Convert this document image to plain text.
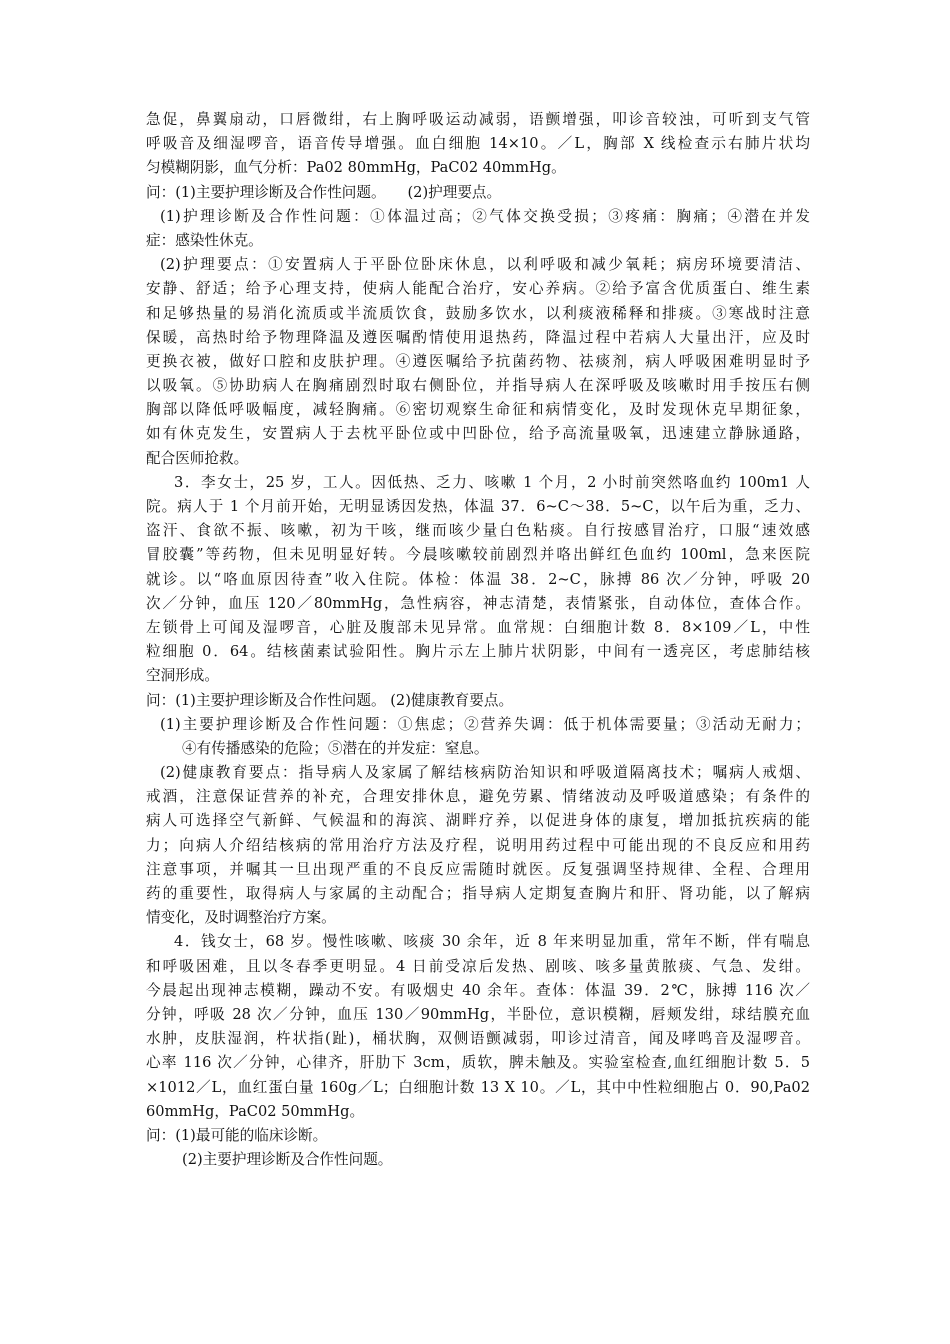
急促，鼻翼扇动，口唇微绀，右上胸呼吸运动减弱，语颤增强，叩诊音较浊，可听到支气管
呼吸音及细湿啰音，语音传导增强。血白细胞 14×10。／L，胸部 X 线检查示右肺片状均
匀模糊阴影，血气分析：Pa02 80mmHg，PaC02 40mmHg。
问：(1)主要护理诊断及合作性问题。　　(2)护理要点。
(1)护理诊断及合作性问题：①体温过高；②气体交换受损；③疼痛：胸痛；④潜在并发
症：感染性休克。
(2)护理要点：①安置病人于平卧位卧床休息，以利呼吸和减少氧耗；病房环境要清洁、
安静、舒适；给予心理支持，使病人能配合治疗，安心养病。②给予富含优质蛋白、维生素
和足够热量的易消化流质或半流质饮食，鼓励多饮水，以利痰液稀释和排痰。③寒战时注意
保暖，高热时给予物理降温及遵医嘱酌情使用退热药，降温过程中若病人大量出汗，应及时
更换衣被，做好口腔和皮肤护理。④遵医嘱给予抗菌药物、祛痰剂，病人呼吸困难明显时予
以吸氧。⑤协助病人在胸痛剧烈时取右侧卧位，并指导病人在深呼吸及咳嗽时用手按压右侧
胸部以降低呼吸幅度，减轻胸痛。⑥密切观察生命征和病情变化，及时发现休克早期征象，
如有休克发生，安置病人于去枕平卧位或中凹卧位，给予高流量吸氧，迅速建立静脉通路，
配合医师抢救。
3．李女士，25 岁，工人。因低热、乏力、咳嗽 1 个月，2 小时前突然咯血约 100m1 人
院。病人于 1 个月前开始，无明显诱因发热，体温 37．6~C～38．5~C，以午后为重，乏力、
盗汗、食欲不振、咳嗽，初为干咳，继而咳少量白色粘痰。自行按感冒治疗，口服“速效感
冒胶囊”等药物，但未见明显好转。今晨咳嗽较前剧烈并咯出鲜红色血约 100ml，急来医院
就诊。以“咯血原因待查”收入住院。体检：体温 38．2~C，脉搏 86 次／分钟，呼吸 20
次／分钟，血压 120／80mmHg，急性病容，神志清楚，表情紧张，自动体位，查体合作。
左锁骨上可闻及湿啰音，心脏及腹部未见异常。血常规：白细胞计数 8．8×109／L，中性
粒细胞 0．64。结核菌素试验阳性。胸片示左上肺片状阴影，中间有一透亮区，考虑肺结核
空洞形成。
问：(1)主要护理诊断及合作性问题。 (2)健康教育要点。
(1)主要护理诊断及合作性问题：①焦虑；②营养失调：低于机体需要量；③活动无耐力；
④有传播感染的危险；⑤潜在的并发症：窒息。
(2)健康教育要点：指导病人及家属了解结核病防治知识和呼吸道隔离技术；嘱病人戒烟、
戒酒，注意保证营养的补充，合理安排休息，避免劳累、情绪波动及呼吸道感染；有条件的
病人可选择空气新鲜、气候温和的海滨、湖畔疗养，以促进身体的康复，增加抵抗疾病的能
力；向病人介绍结核病的常用治疗方法及疗程，说明用药过程中可能出现的不良反应和用药
注意事项，并嘱其一旦出现严重的不良反应需随时就医。反复强调坚持规律、全程、合理用
药的重要性，取得病人与家属的主动配合；指导病人定期复查胸片和肝、肾功能，以了解病
情变化，及时调整治疗方案。
4．钱女士，68 岁。慢性咳嗽、咳痰 30 余年，近 8 年来明显加重，常年不断，伴有喘息
和呼吸困难，且以冬春季更明显。4 日前受凉后发热、剧咳、咳多量黄脓痰、气急、发绀。
今晨起出现神志模糊，躁动不安。有吸烟史 40 余年。查体：体温 39．2℃，脉搏 116 次／
分钟，呼吸 28 次／分钟，血压 130／90mmHg，半卧位，意识模糊，唇颊发绀，球结膜充血
水肿，皮肤湿润，杵状指(趾)，桶状胸，双侧语颤减弱，叩诊过清音，闻及哮鸣音及湿啰音。
心率 116 次／分钟，心律齐，肝肋下 3cm，质软，脾未触及。实验室检查,血红细胞计数 5．5
×1012／L，血红蛋白量 160g／L；白细胞计数 13 X 10。／L，其中中性粒细胞占 0．90,Pa02
60mmHg，PaC02 50mmHg。
问：(1)最可能的临床诊断。
(2)主要护理诊断及合作性问题。
